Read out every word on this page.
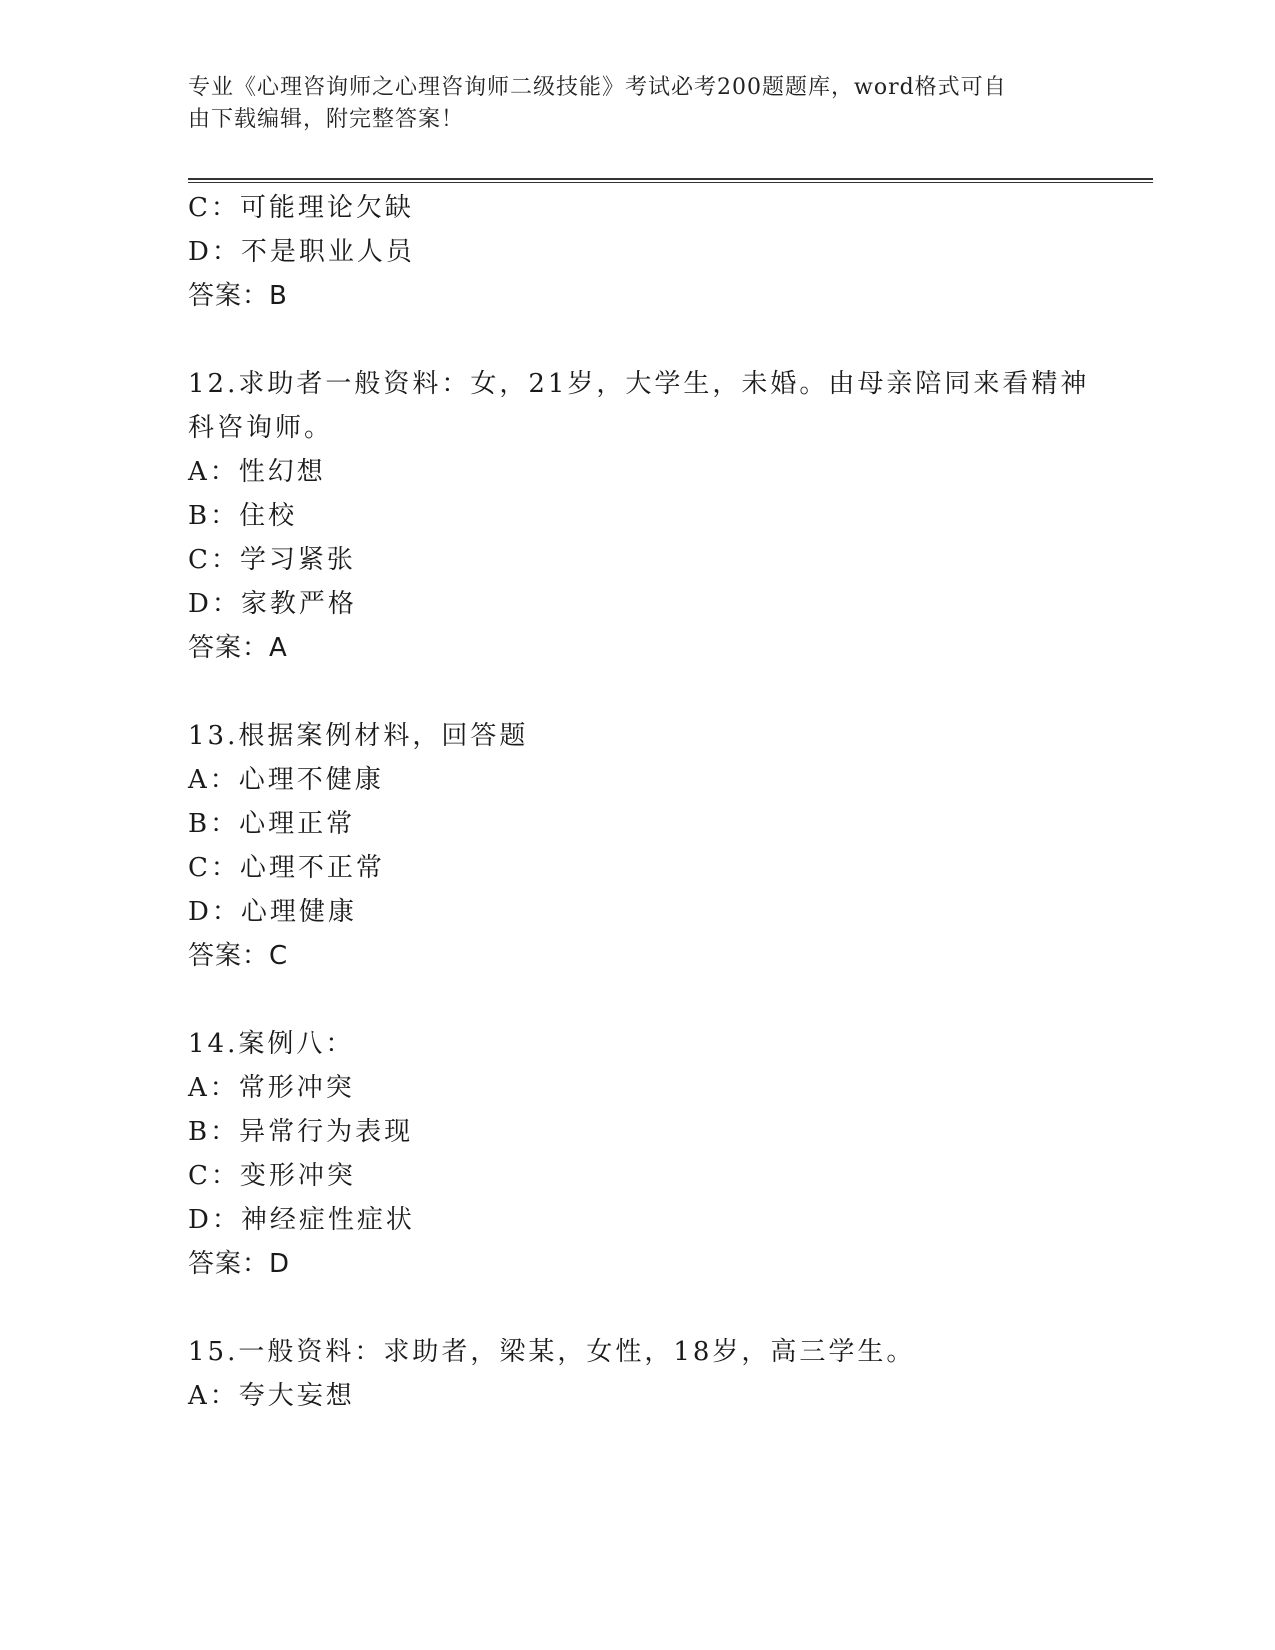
专业《心理咨询师之心理咨询师二级技能》考试必考200题题库，word格式可自
由下载编辑，附完整答案！
C：可能理论欠缺
D：不是职业人员
答案：B
12.求助者一般资料：女，21岁，大学生，未婚。由母亲陪同来看精神
科咨询师。
A：性幻想
B：住校
C：学习紧张
D：家教严格
答案：A
13.根据案例材料，回答题
A：心理不健康
B：心理正常
C：心理不正常
D：心理健康
答案：C
14.案例八：
A：常形冲突
B：异常行为表现
C：变形冲突
D：神经症性症状
答案：D
15.一般资料：求助者，梁某，女性，18岁，高三学生。
A：夸大妄想
